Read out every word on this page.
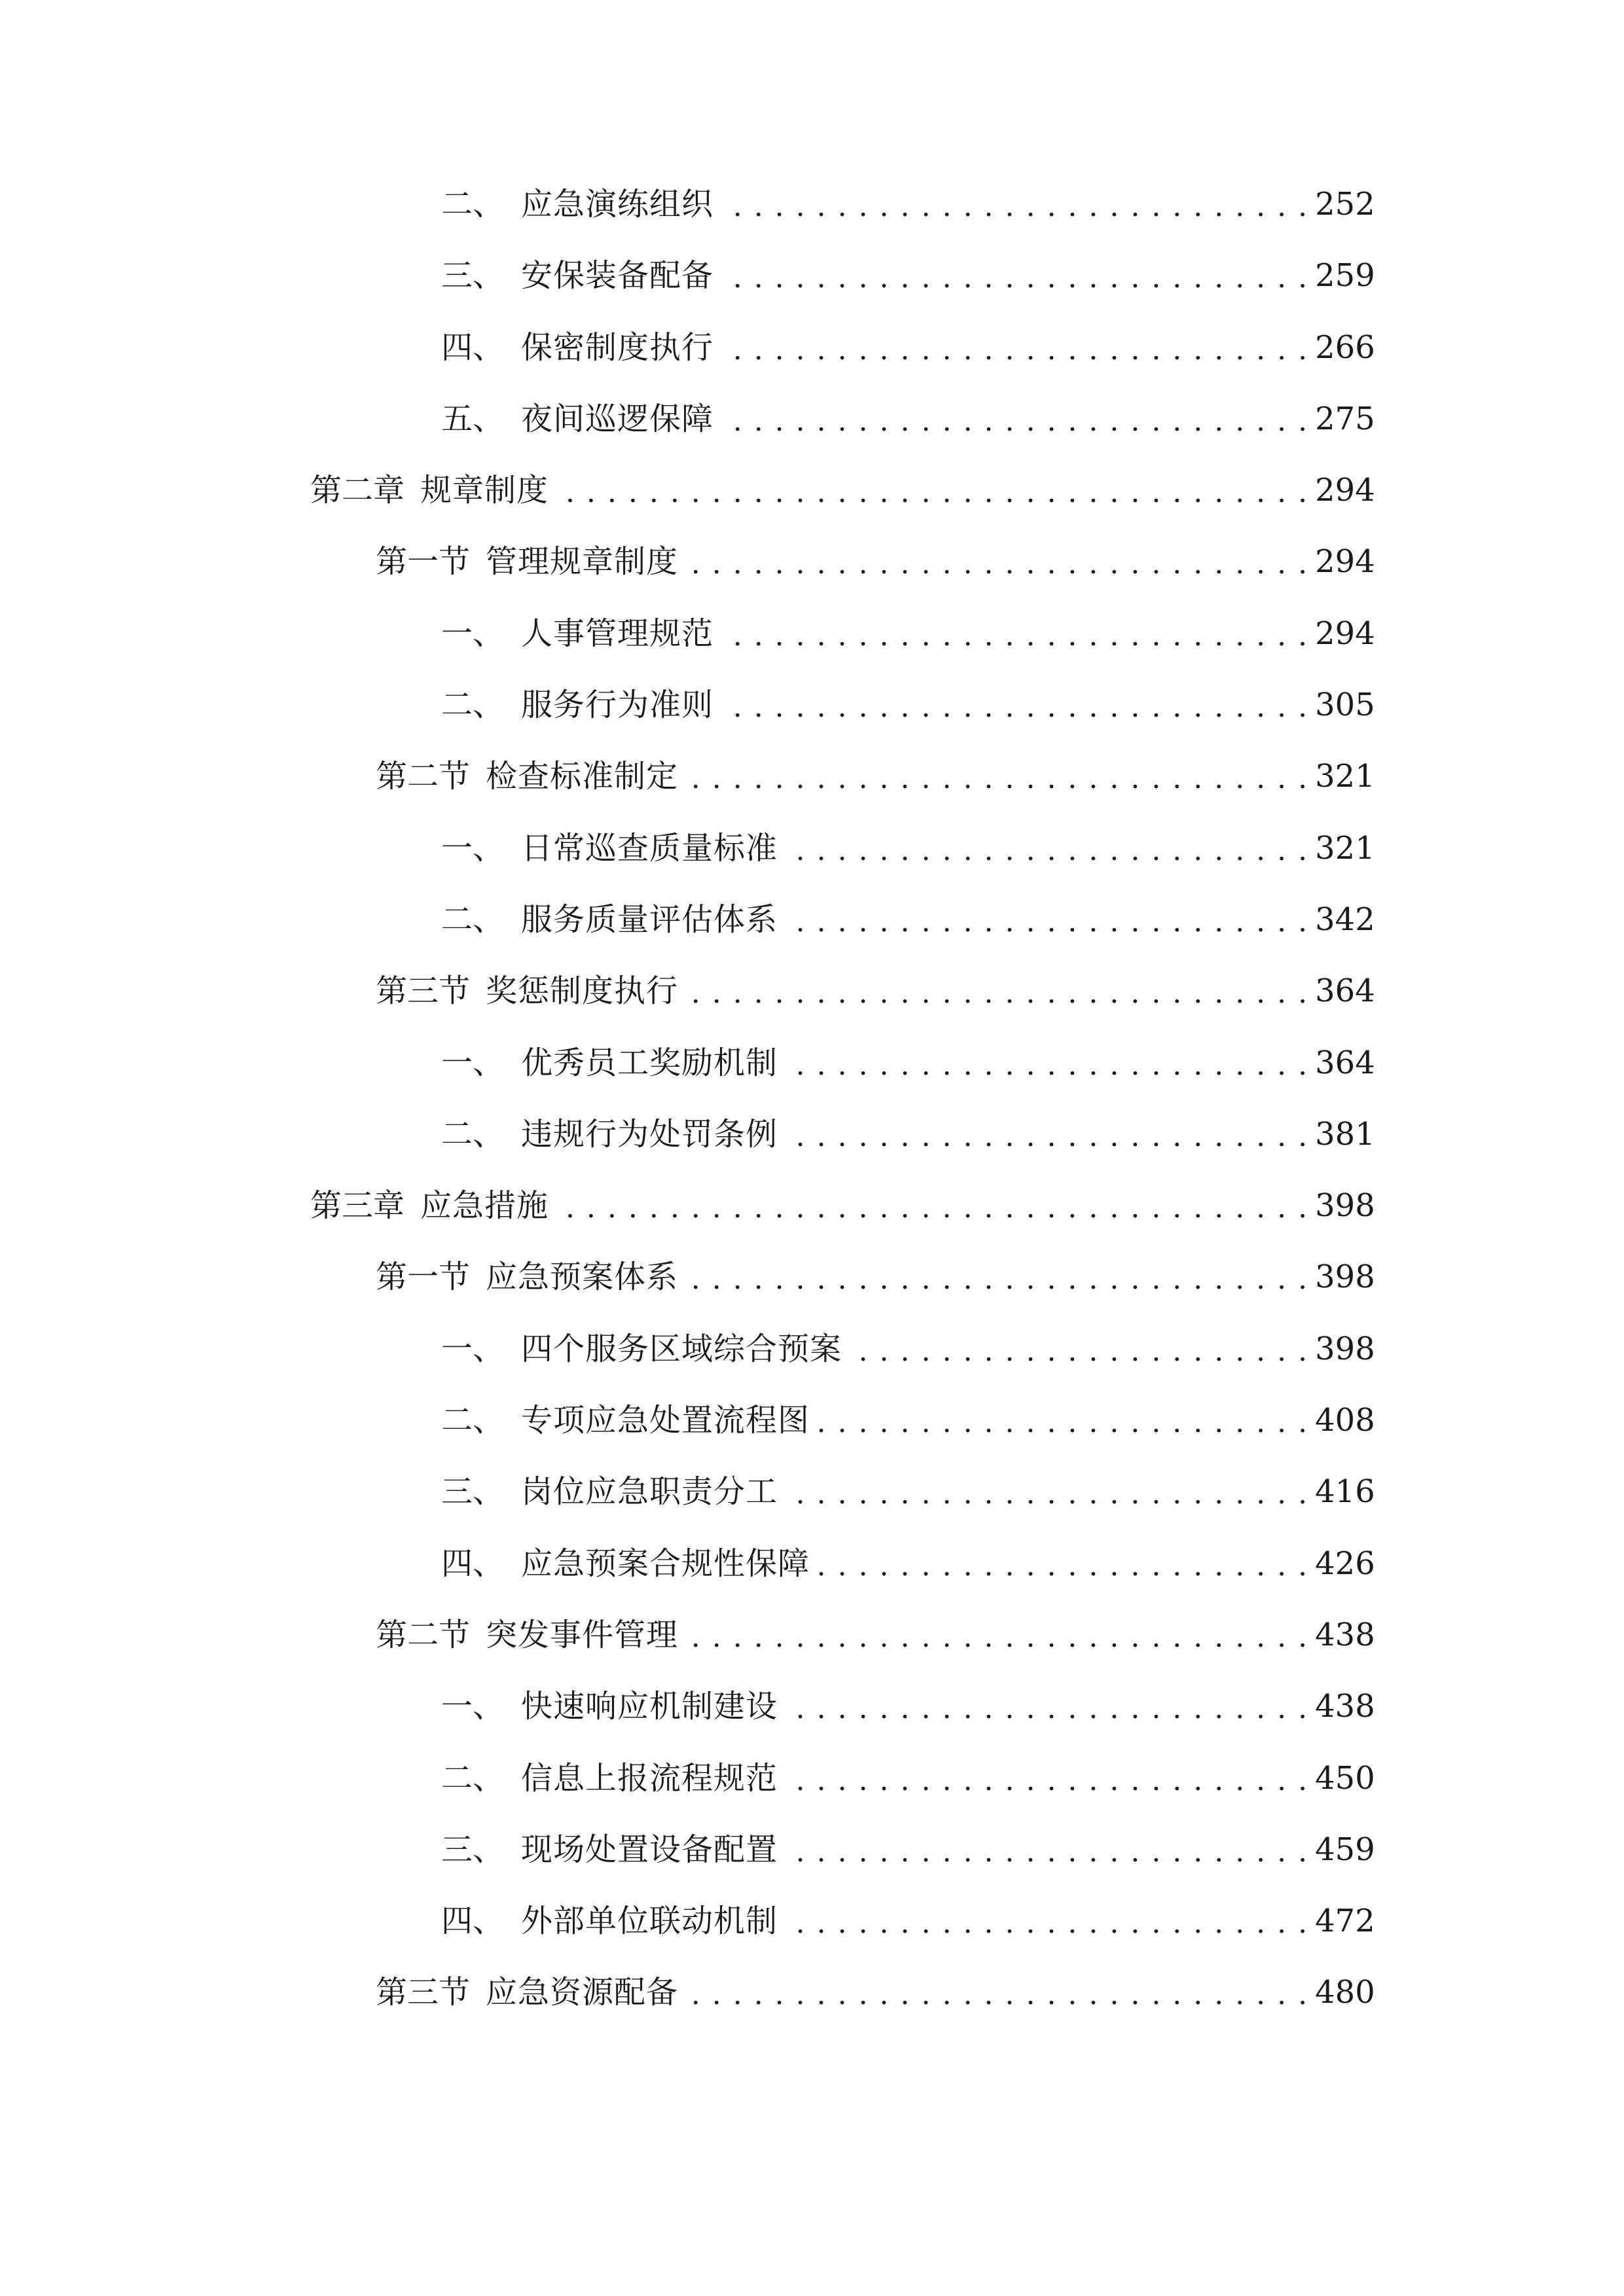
二、 应急演练组织 . . .	252
三、 安保装备配备 . . .	259
四、 保密制度执行 . . .	266
五、 夜间巡逻保障 . . .	275
第二章 规章制度 . . .	294
第一节 管理规章制度 . . .	294
一、 人事管理规范 . . .	294
二、 服务行为准则 . . .	305
第二节 检查标准制定 . . .	321
一、 日常巡查质量标准 . . .	321
二、 服务质量评估体系 . . .	342
第三节 奖惩制度执行 . . .	364
一、 优秀员工奖励机制 . . .	364
二、 违规行为处罚条例 . . .	381
第三章 应急措施 . . .	398
第一节 应急预案体系 . . .	398
一、 四个服务区域综合预案 . . .	398
二、 专项应急处置流程图 . . .	408
三、 岗位应急职责分工 . . .	416
四、 应急预案合规性保障 . . .	426
第二节 突发事件管理 . . .	438
一、 快速响应机制建设 . . .	438
二、 信息上报流程规范 . . .	450
三、 现场处置设备配置 . . .	459
四、 外部单位联动机制 . . .	472
第三节 应急资源配备 . . .	480
